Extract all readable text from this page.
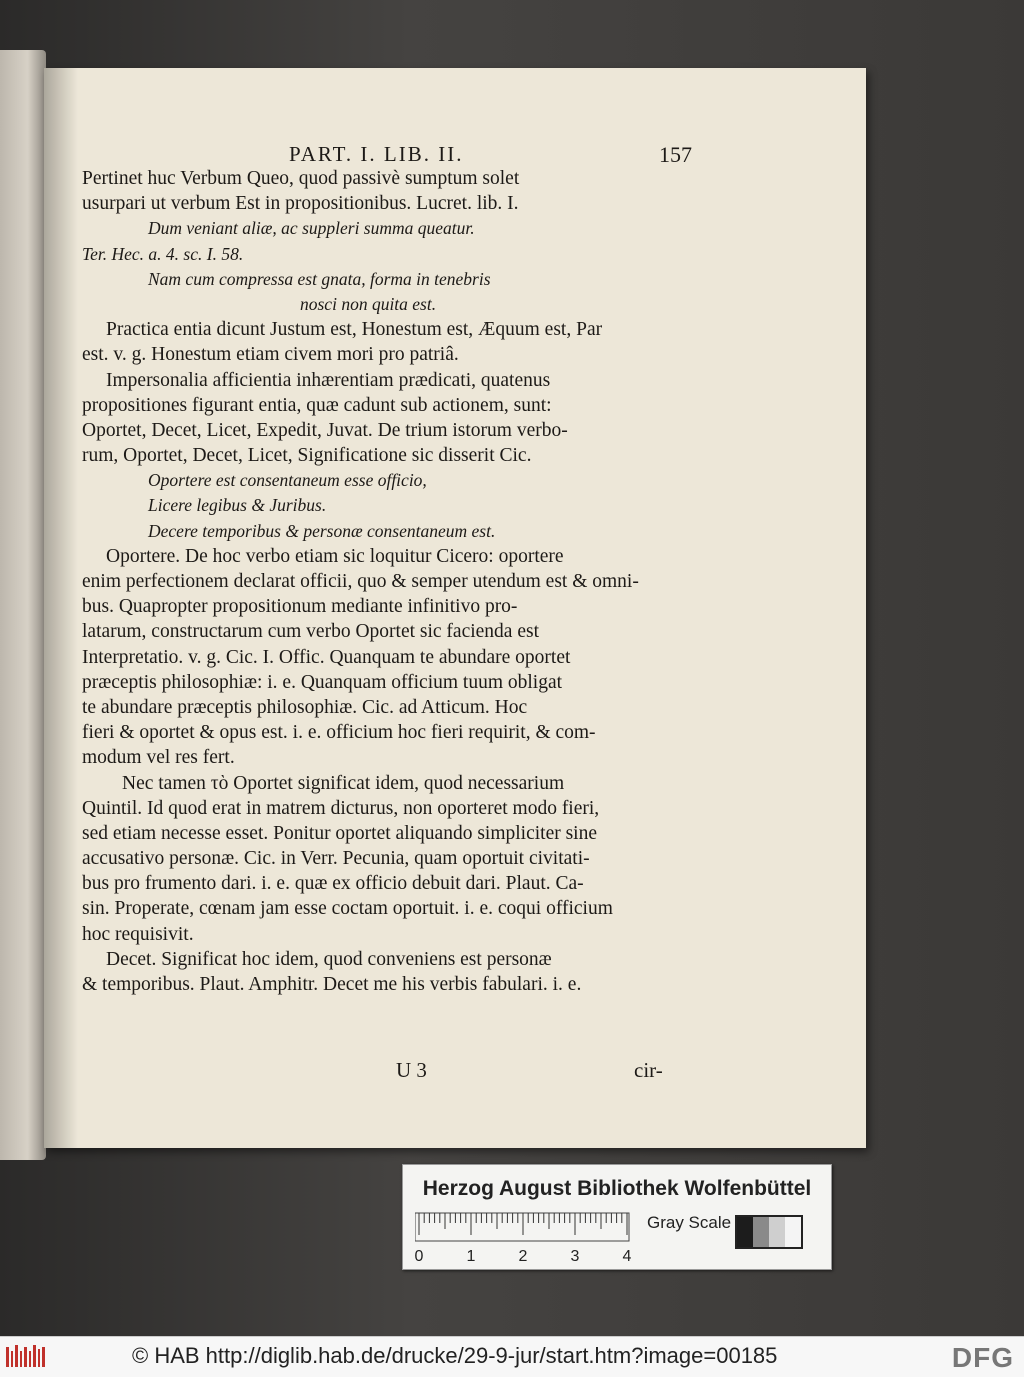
PART. I. LIB. II.	157
Pertinet huc Verbum Queo, quod passivè sumptum solet
usurpari ut verbum Est in propositionibus. Lucret. lib. I.
Dum veniant aliæ, ac suppleri summa queatur.
Ter. Hec. a. 4. sc. I. 58.
Nam cum compressa est gnata, forma in tenebris
nosci non quita est.
Practica entia dicunt Justum est, Honestum est, Æquum est, Par
est. v. g. Honestum etiam civem mori pro patriâ.
Impersonalia afficientia inhærentiam prædicati, quatenus
propositiones figurant entia, quæ cadunt sub actionem, sunt:
Oportet, Decet, Licet, Expedit, Juvat. De trium istorum verbo-
rum, Oportet, Decet, Licet, Significatione sic disserit Cic.
Oportere est consentaneum esse officio,
Licere legibus & Juribus.
Decere temporibus & personæ consentaneum est.
Oportere. De hoc verbo etiam sic loquitur Cicero: oportere
enim perfectionem declarat officii, quo & semper utendum est & omni-
bus. Quapropter propositionum mediante infinitivo pro-
latarum, constructarum cum verbo Oportet sic facienda est
Interpretatio. v. g. Cic. I. Offic. Quanquam te abundare oportet
præceptis philosophiæ: i. e. Quanquam officium tuum obligat
te abundare præceptis philosophiæ. Cic. ad Atticum. Hoc
fieri & oportet & opus est. i. e. officium hoc fieri requirit, & com-
modum vel res fert.
Nec tamen τὸ Oportet significat idem, quod necessarium
Quintil. Id quod erat in matrem dicturus, non oporteret modo fieri,
sed etiam necesse esset. Ponitur oportet aliquando simpliciter sine
accusativo personæ. Cic. in Verr. Pecunia, quam oportuit civitati-
bus pro frumento dari. i. e. quæ ex officio debuit dari. Plaut. Ca-
sin. Properate, cœnam jam esse coctam oportuit. i. e. coqui officium
hoc requisivit.
Decet. Significat hoc idem, quod conveniens est personæ
& temporibus. Plaut. Amphitr. Decet me his verbis fabulari. i. e.
U 3	cir-
Herzog August Bibliothek Wolfenbüttel
0	1	2	3	4
Gray Scale
© HAB http://diglib.hab.de/drucke/29-9-jur/start.htm?image=00185	DFG
